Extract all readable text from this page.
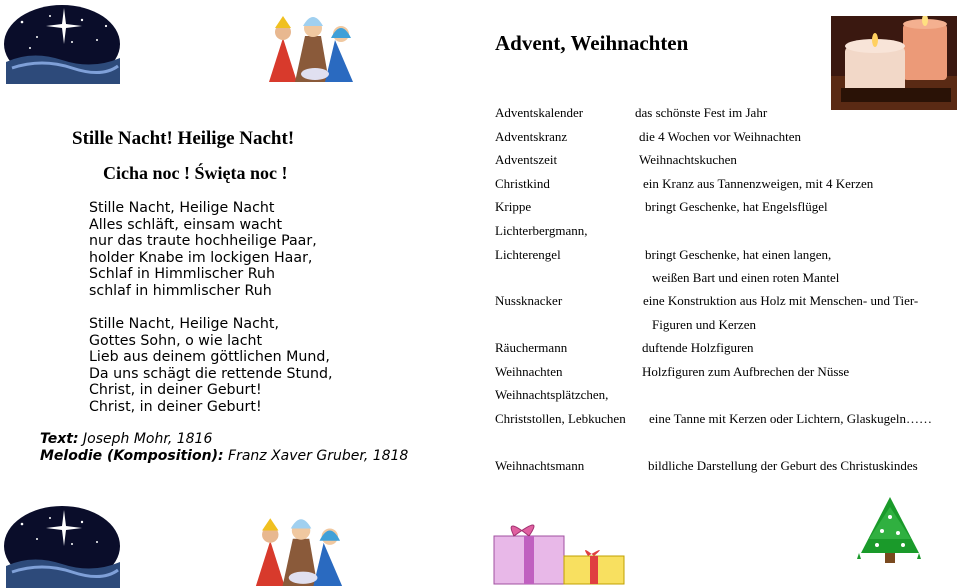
Stille Nacht! Heilige Nacht!
Cicha noc ! Święta noc !
Stille Nacht, Heilige Nacht
Alles schläft, einsam wacht
nur das traute hochheilige Paar,
holder Knabe im lockigen Haar,
Schlaf in Himmlischer Ruh
schlaf in himmlischer Ruh
Stille Nacht, Heilige Nacht,
Gottes Sohn, o wie lacht
Lieb aus deinem göttlichen Mund,
Da uns schägt die rettende Stund,
Christ, in deiner Geburt!
Christ, in deiner Geburt!
Text: Joseph Mohr, 1816
Melodie (Komposition): Franz Xaver Gruber, 1818
Advent, Weihnachten
Adventskalender
Adventskranz
Adventszeit
Christkind
Krippe
Lichterbergmann,
Lichterengel
Nussknacker
Räuchermann
Weihnachten
Weihnachtsplätzchen,
Christstollen, Lebkuchen
Weihnachtsmann
das schönste Fest im Jahr
die 4 Wochen vor Weihnachten
Weihnachtskuchen
ein Kranz aus Tannenzweigen, mit 4 Kerzen
bringt Geschenke, hat Engelsflügel
bringt Geschenke, hat einen langen,
weißen Bart und einen roten Mantel
eine Konstruktion aus Holz mit Menschen- und Tier-
Figuren und Kerzen
duftende Holzfiguren
Holzfiguren zum Aufbrechen der Nüsse
eine Tanne mit Kerzen oder Lichtern, Glaskugeln……
bildliche Darstellung der Geburt des Christuskindes
